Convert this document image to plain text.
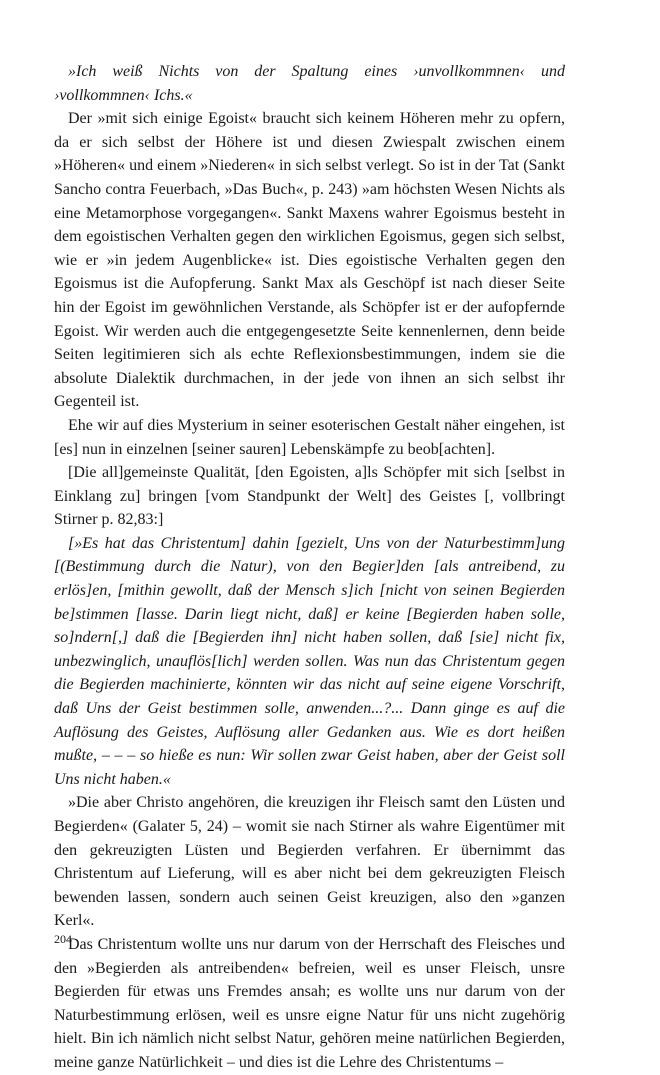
»Ich weiß Nichts von der Spaltung eines ›unvollkommnen‹ und ›vollkommnen‹ Ichs.«

Der »mit sich einige Egoist« braucht sich keinem Höheren mehr zu opfern, da er sich selbst der Höhere ist und diesen Zwiespalt zwischen einem »Höheren« und einem »Niederen« in sich selbst verlegt. So ist in der Tat (Sankt Sancho contra Feuerbach, »Das Buch«, p. 243) »am höchsten Wesen Nichts als eine Metamorphose vorgegangen«. Sankt Maxens wahrer Egoismus besteht in dem egoistischen Verhalten gegen den wirklichen Egoismus, gegen sich selbst, wie er »in jedem Augenblicke« ist. Dies egoistische Verhalten gegen den Egoismus ist die Aufopferung. Sankt Max als Geschöpf ist nach dieser Seite hin der Egoist im gewöhnlichen Verstande, als Schöpfer ist er der aufopfernde Egoist. Wir werden auch die entgegengesetzte Seite kennenlernen, denn beide Seiten legitimieren sich als echte Reflexionsbestimmungen, indem sie die absolute Dialektik durchmachen, in der jede von ihnen an sich selbst ihr Gegenteil ist.

Ehe wir auf dies Mysterium in seiner esoterischen Gestalt näher eingehen, ist [es] nun in einzelnen [seiner sauren] Lebenskämpfe zu beob[achten].

[Die all]gemeinste Qualität, [den Egoisten, a]ls Schöpfer mit sich [selbst in Einklang zu] bringen [vom Standpunkt der Welt] des Geistes [, vollbringt Stirner p. 82,83:]

[»Es hat das Christentum] dahin [gezielt, Uns von der Naturbestimm]ung [(Bestimmung durch die Natur), von den Begier]den [als antreibend, zu erlös]en, [mithin gewollt, daß der Mensch s]ich [nicht von seinen Begierden be]stimmen [lasse. Darin liegt nicht, daß] er keine [Begierden haben solle, so]ndern[,] daß die [Begierden ihn] nicht haben sollen, daß [sie] nicht fix, unbezwinglich, unauflös[lich] werden sollen. Was nun das Christentum gegen die Begierden machinierte, könnten wir das nicht auf seine eigene Vorschrift, daß Uns der Geist bestimmen solle, anwenden...?... Dann ginge es auf die Auflösung des Geistes, Auflösung aller Gedanken aus. Wie es dort heißen mußte, – – – so hieße es nun: Wir sollen zwar Geist haben, aber der Geist soll Uns nicht haben.«

»Die aber Christo angehören, die kreuzigen ihr Fleisch samt den Lüsten und Begierden« (Galater 5, 24) – womit sie nach Stirner als wahre Eigentümer mit den gekreuzigten Lüsten und Begierden verfahren. Er übernimmt das Christentum auf Lieferung, will es aber nicht bei dem gekreuzigten Fleisch bewenden lassen, sondern auch seinen Geist kreuzigen, also den »ganzen Kerl«.

Das Christentum wollte uns nur darum von der Herrschaft des Fleisches und den »Begierden als antreibenden« befreien, weil es unser Fleisch, unsre Begierden für etwas uns Fremdes ansah; es wollte uns nur darum von der Naturbestimmung erlösen, weil es unsre eigne Natur für uns nicht zugehörig hielt. Bin ich nämlich nicht selbst Natur, gehören meine natürlichen Begierden, meine ganze Natürlichkeit – und dies ist die Lehre des Christentums –

204
